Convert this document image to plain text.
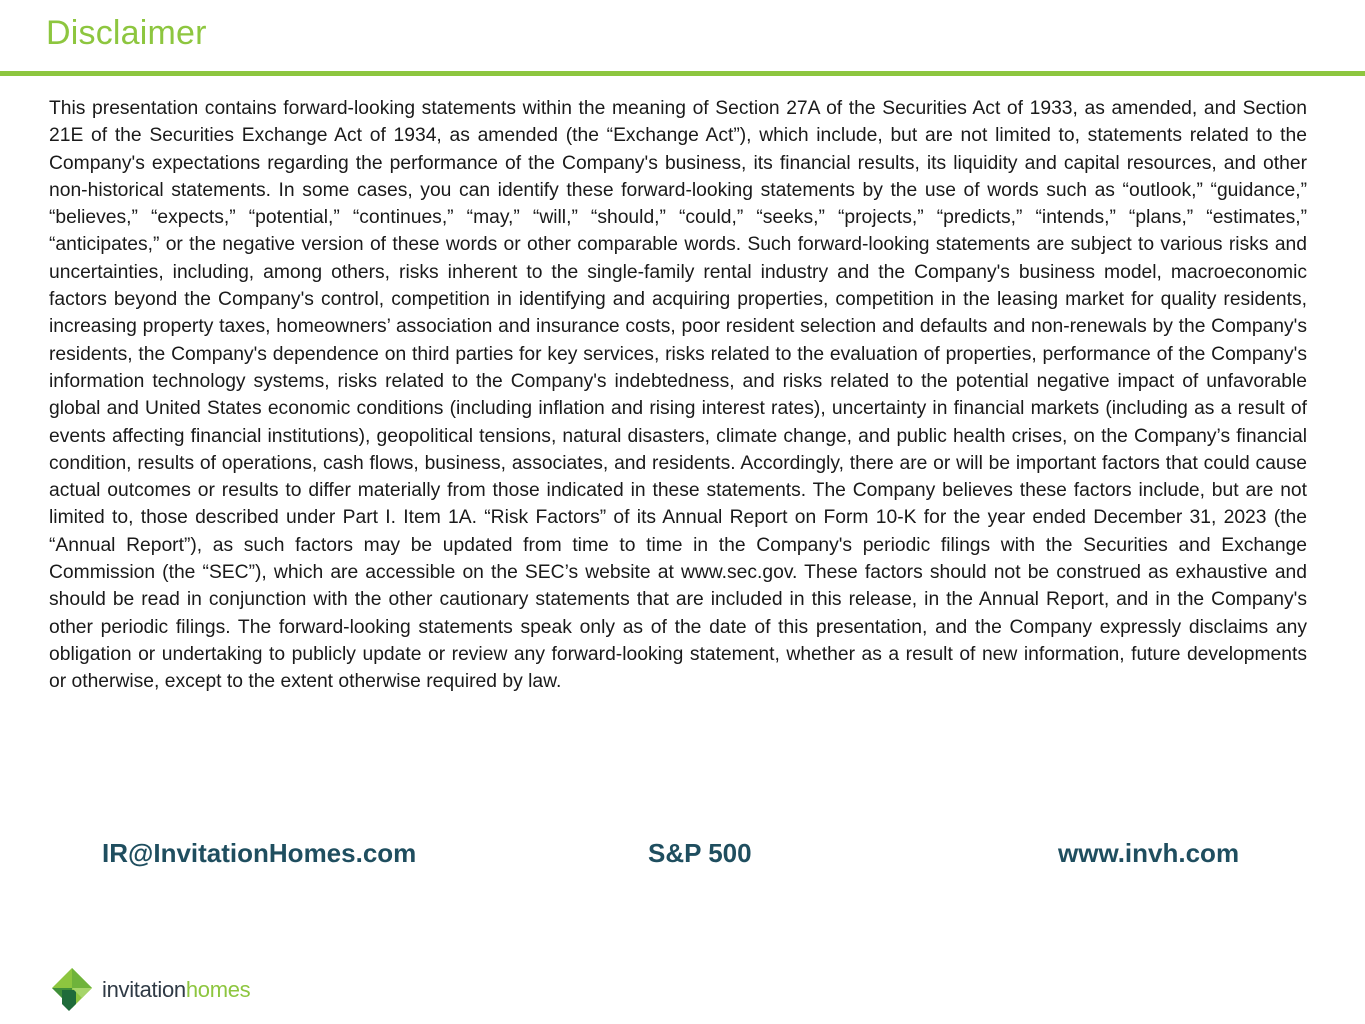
Disclaimer

This presentation contains forward-looking statements within the meaning of Section 27A of the Securities Act of 1933, as amended, and Section 21E of the Securities Exchange Act of 1934, as amended (the “Exchange Act”), which include, but are not limited to, statements related to the Company's expectations regarding the performance of the Company's business, its financial results, its liquidity and capital resources, and other non-historical statements. In some cases, you can identify these forward-looking statements by the use of words such as “outlook,” “guidance,” “believes,” “expects,” “potential,” “continues,” “may,” “will,” “should,” “could,” “seeks,” “projects,” “predicts,” “intends,” “plans,” “estimates,” “anticipates,” or the negative version of these words or other comparable words. Such forward-looking statements are subject to various risks and uncertainties, including, among others, risks inherent to the single-family rental industry and the Company's business model, macroeconomic factors beyond the Company's control, competition in identifying and acquiring properties, competition in the leasing market for quality residents, increasing property taxes, homeowners’ association and insurance costs, poor resident selection and defaults and non-renewals by the Company's residents, the Company's dependence on third parties for key services, risks related to the evaluation of properties, performance of the Company's information technology systems, risks related to the Company's indebtedness, and risks related to the potential negative impact of unfavorable global and United States economic conditions (including inflation and rising interest rates), uncertainty in financial markets (including as a result of events affecting financial institutions), geopolitical tensions, natural disasters, climate change, and public health crises, on the Company’s financial condition, results of operations, cash flows, business, associates, and residents. Accordingly, there are or will be important factors that could cause actual outcomes or results to differ materially from those indicated in these statements. The Company believes these factors include, but are not limited to, those described under Part I. Item 1A. “Risk Factors” of its Annual Report on Form 10-K for the year ended December 31, 2023 (the “Annual Report”), as such factors may be updated from time to time in the Company's periodic filings with the Securities and Exchange Commission (the “SEC”), which are accessible on the SEC’s website at www.sec.gov. These factors should not be construed as exhaustive and should be read in conjunction with the other cautionary statements that are included in this release, in the Annual Report, and in the Company's other periodic filings. The forward-looking statements speak only as of the date of this presentation, and the Company expressly disclaims any obligation or undertaking to publicly update or review any forward-looking statement, whether as a result of new information, future developments or otherwise, except to the extent otherwise required by law.

IR@InvitationHomes.com	S&P 500	www.invh.com
invitationhomes
